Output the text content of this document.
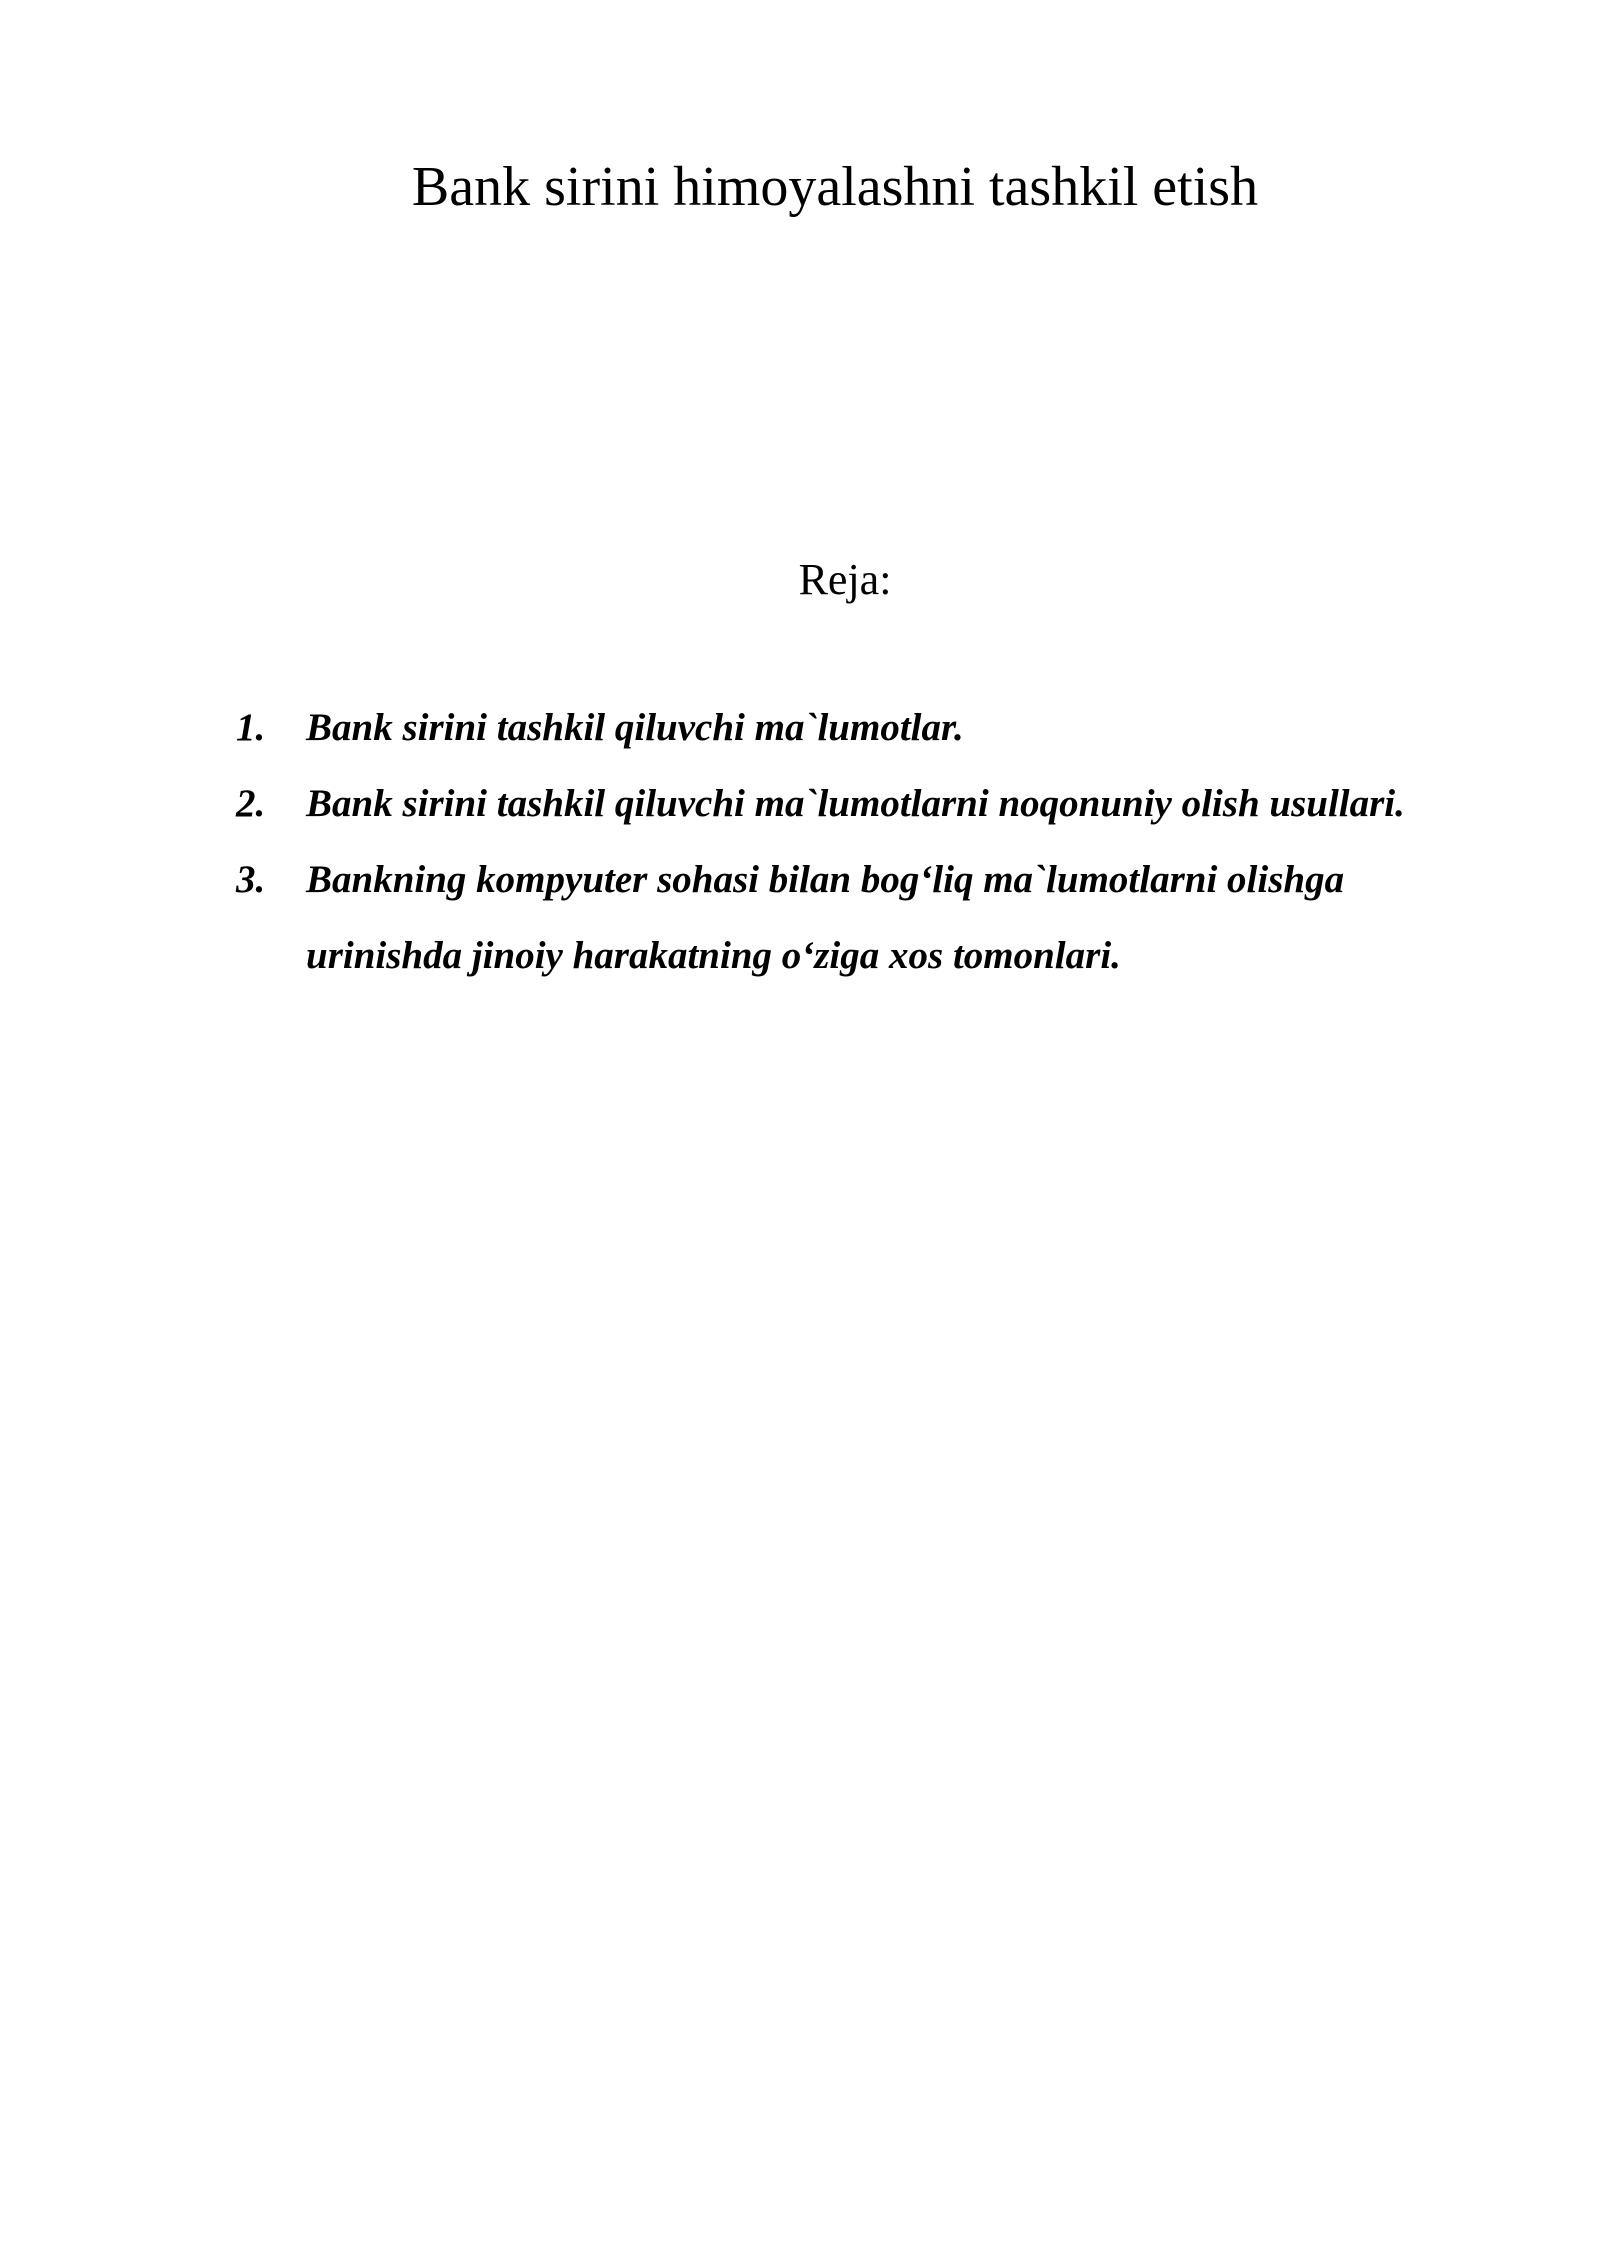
Bank sirini himoyalashni tashkil etish
Reja:
1.	Bank sirini tashkil qiluvchi ma`lumotlar.
2.	Bank sirini tashkil qiluvchi ma`lumotlarni noqonuniy olish usullari.
3.	Bankning kompyuter sohasi bilan bog‘liq ma`lumotlarni olishga urinishda jinoiy harakatning o‘ziga xos tomonlari.
